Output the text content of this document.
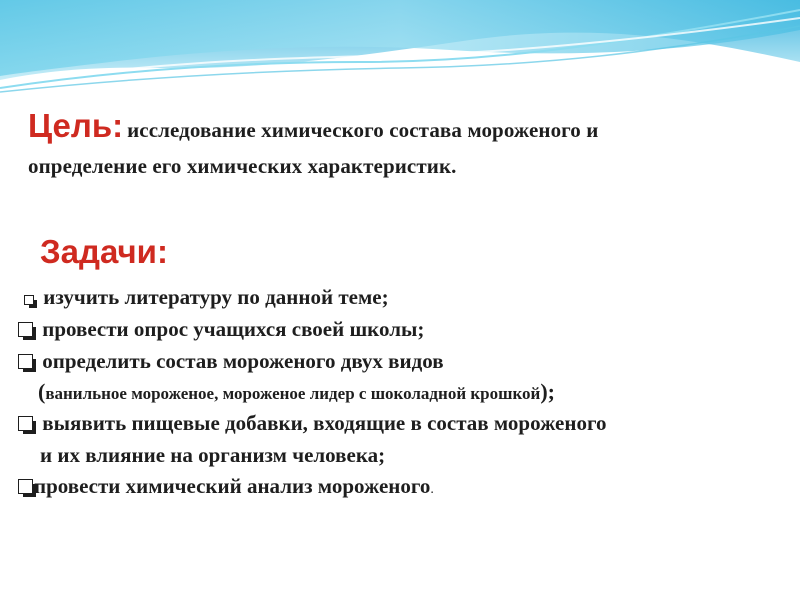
Цель: исследование химического состава мороженого и
определение его химических характеристик.
Задачи:
изучить литературу по данной теме;
провести опрос учащихся своей школы;
определить состав мороженого двух видов
(ванильное мороженое, мороженое лидер с шоколадной крошкой);
выявить пищевые добавки, входящие в состав мороженого
и их влияние на организм человека;
провести химический анализ мороженого.
